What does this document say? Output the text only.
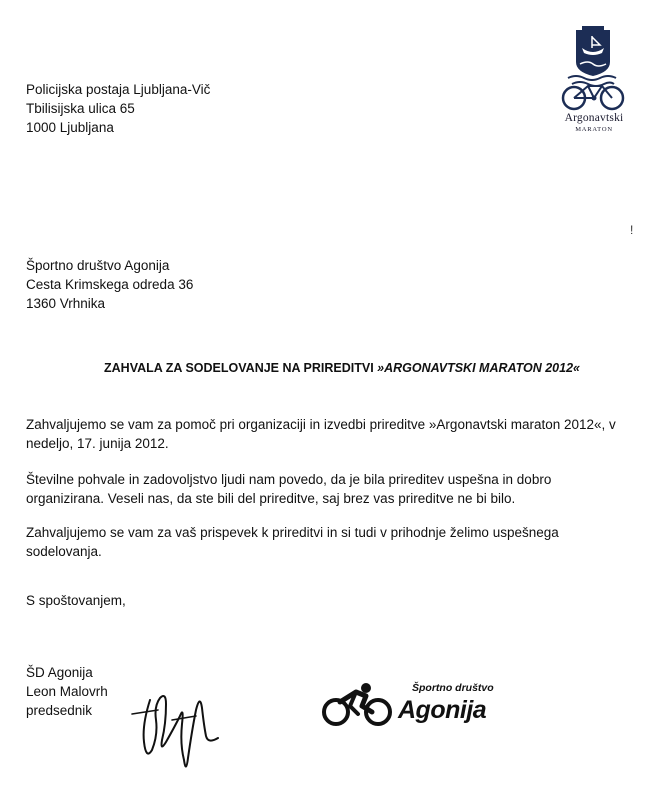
Argonavtski
MARATON
Policijska postaja Ljubljana-Vič
Tbilisijska ulica 65
1000 Ljubljana
!
Športno društvo Agonija
Cesta Krimskega odreda 36
1360 Vrhnika
ZAHVALA ZA SODELOVANJE NA PRIREDITVI »ARGONAVTSKI MARATON 2012«
Zahvaljujemo se vam za pomoč pri organizaciji in izvedbi prireditve »Argonavtski maraton 2012«, v
nedeljo, 17. junija 2012.
Številne pohvale in zadovoljstvo ljudi nam povedo, da je bila prireditev uspešna in dobro
organizirana. Veseli nas, da ste bili del prireditve, saj brez vas prireditve ne bi bilo.
Zahvaljujemo se vam za vaš prispevek k prireditvi in si tudi v prihodnje želimo uspešnega
sodelovanja.
S spoštovanjem,
ŠD Agonija
Leon Malovrh
predsednik
Športno društvo
Agonija
